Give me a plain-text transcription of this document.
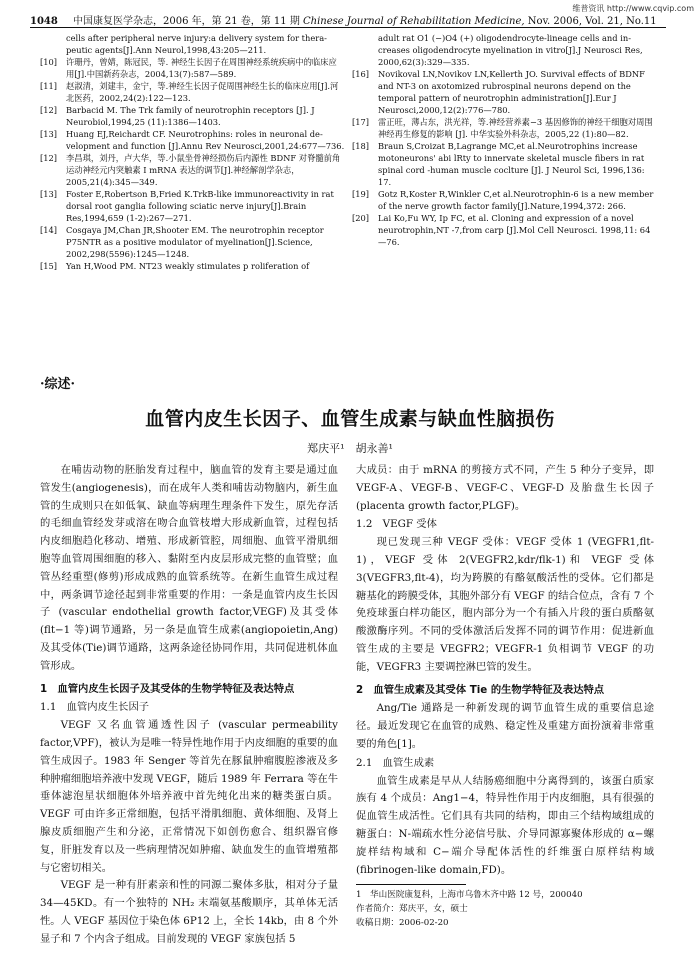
维普资讯 http://www.cqvip.com
1048 中国康复医学杂志，2006 年，第 21 卷，第 11 期 Chinese Journal of Rehabilitation Medicine, Nov. 2006, Vol. 21, No.11
cells after peripheral nerve injury:a delivery system for thera-peutic agents[J].Ann Neurol,1998,43:205—211.
[10]	许珊丹，曾婧，陈冠民，等. 神经生长因子在周围神经系统疾病中的临床应用[J].中国新药杂志，2004,13(7):587—589.
[11]	赵淑清，刘建丰，金宁，等.神经生长因子促周围神经生长的临床应用[J].河北医药，2002,24(2):122—123.
[12]	Barbacid M. The Trk family of neurotrophin receptors [J]. J Neurobiol,1994,25 (11):1386—1403.
[13]	Huang EJ,Reichardt CF. Neurotrophins: roles in neuronal de-velopment and function [J].Annu Rev Neurosci,2001,24:677—736.
[12]	李昌琪，刘丹，卢大华，等.小鼠坐骨神经损伤后内源性 BDNF 对脊髓前角运动神经元内突触素 I mRNA 表达的调节[J].神经解剖学杂志，2005,21(4):345—349.
[13]	Foster E,Robertson B,Fried K.TrkB-like immunoreactivity in rat dorsal root ganglia following sciatic nerve injury[J].Brain Res,1994,659 (1-2):267—271.
[14]	Cosgaya JM,Chan JR,Shooter EM. The neurotrophin receptor P75NTR as a positive modulator of myelination[J].Science, 2002,298(5596):1245—1248.
[15]	Yan H,Wood PM. NT23 weakly stimulates p roliferation of
adult rat O1 (−)O4 (+) oligodendrocyte-lineage cells and in-creases oligodendrocyte myelination in vitro[J].J Neurosci Res, 2000,62(3):329—335.
[16]	Novikoval LN,Novikov LN,Kellerth JO. Survival effects of BDNF and NT-3 on axotomized rubrospinal neurons depend on the temporal pattern of neurotrophin administration[J].Eur J Neurosci,2000,12(2):776—780.
[17]	雷正旺，薄占东，洪光祥，等.神经营养素−3 基因修饰的神经干细胞对周围神经再生修复的影响 [J]. 中华实验外科杂志，2005,22 (1):80—82.
[18]	Braun S,Croizat B,Lagrange MC,et al.Neurotrophins increase motoneurons' abi lRty to innervate skeletal muscle fibers in rat spinal cord -human muscle coclture [J]. J Neurol Sci, 1996,136: 17.
[19]	Gotz R,Koster R,Winkler C,et al.Neurotrophin-6 is a new member of the nerve growth factor family[J].Nature,1994,372: 266.
[20]	Lai Ko,Fu WY, Ip FC, et al. Cloning and expression of a novel neurotrophin,NT -7,from carp [J].Mol Cell Neurosci. 1998,11: 64—76.
·综述·
血管内皮生长因子、血管生成素与缺血性脑损伤
郑庆平¹　胡永善¹

在哺齿动物的胚胎发育过程中，脑血管的发育主要是通过血管发生(angiogenesis)，而在成年人类和哺齿动物脑内，新生血管的生成则只在如低氧、缺血等病理生理条件下发生，原先存活的毛细血管经发芽或溶在吻合血管枝增大形成新血管，过程包括内皮细胞趋化移动、增殖、形成新管腔，周细胞、血管平滑肌细胞等血管周围细胞的移入、黏附至内皮层形成完整的血管壁；血管丛经重塑(修剪)形成成熟的血管系统等。在新生血管生成过程中，两条调节途径起到非常重要的作用：一条是血管内皮生长因子 (vascular endothelial growth factor,VEGF)及其受体(flt−1 等)调节通路，另一条是血管生成素(angiopoietin,Ang)及其受体(Tie)调节通路，这两条途径协同作用，共同促进机体血管形成。

1　血管内皮生长因子及其受体的生物学特征及表达特点
1.1　血管内皮生长因子

VEGF 又名血管通透性因子 (vascular permeability factor,VPF)，被认为是唯一特异性地作用于内皮细胞的重要的血管生成因子。1983 年 Senger 等首先在豚鼠肿瘤腹腔渗液及多种肿瘤细胞培养液中发现 VEGF，随后 1989 年 Ferrara 等在牛垂体滤泡星状细胞体外培养液中首先纯化出来的糖类蛋白质。VEGF 可由许多正常细胞，包括平滑肌细胞、黄体细胞、及肾上腺皮质细胞产生和分泌，正常情况下如创伤愈合、组织器官修复，肝脏发育以及一些病理情况如肿瘤、缺血发生的血管增殖都与它密切相关。

VEGF 是一种有肝素亲和性的同源二聚体多肽，相对分子量 34—45KD。有一个独特的 NH₂ 末端氨基酸顺序，其单体无活性。人 VEGF 基因位于染色体 6P12 上，全长 14kb，由 8 个外显子和 7 个内含子组成。目前发现的 VEGF 家族包括 5

大成员：由于 mRNA 的剪接方式不同，产生 5 种分子变异，即 VEGF-A、VEGF-B、VEGF-C、VEGF-D 及胎盘生长因子(placenta growth factor,PLGF)。

1.2　VEGF 受体

现已发现三种 VEGF 受体：VEGF 受体 1 (VEGFR1,flt-1)，VEGF 受体 2(VEGFR2,kdr/flk-1)和 VEGF 受体 3(VEGFR3,flt-4)，均为跨膜的有酪氨酸活性的受体。它们都是糖基化的跨膜受体，其胞外部分有 VEGF 的结合位点，含有 7 个免疫球蛋白样功能区，胞内部分为一个有插入片段的蛋白质酪氨酸激酶序列。不同的受体激活后发挥不同的调节作用：促进新血管生成的主要是 VEGFR2；VEGFR-1 负相调节 VEGF 的功能，VEGFR3 主要调控淋巴管的发生。

2　血管生成素及其受体 Tie 的生物学特征及表达特点

Ang/Tie 通路是一种新发现的调节血管生成的重要信息途径。最近发现它在血管的成熟、稳定性及重建方面扮演着非常重要的角色[1]。

2.1　血管生成素

血管生成素是早从人结肠癌细胞中分离得到的，该蛋白质家族有 4 个成员：Ang1−4，特异性作用于内皮细胞，具有很强的促血管生成活性。它们具有共同的结构，即由三个结构域组成的糖蛋白：N-端疏水性分泌信号肽、介导同源寡聚体形成的 α−螺旋样结构域和 C−端介导配体活性的纤维蛋白原样结构域(fibrinogen-like domain,FD)。

1　华山医院康复科，上海市乌鲁木齐中路 12 号，200040
作者简介：郑庆平，女，硕士
收稿日期：2006-02-20
